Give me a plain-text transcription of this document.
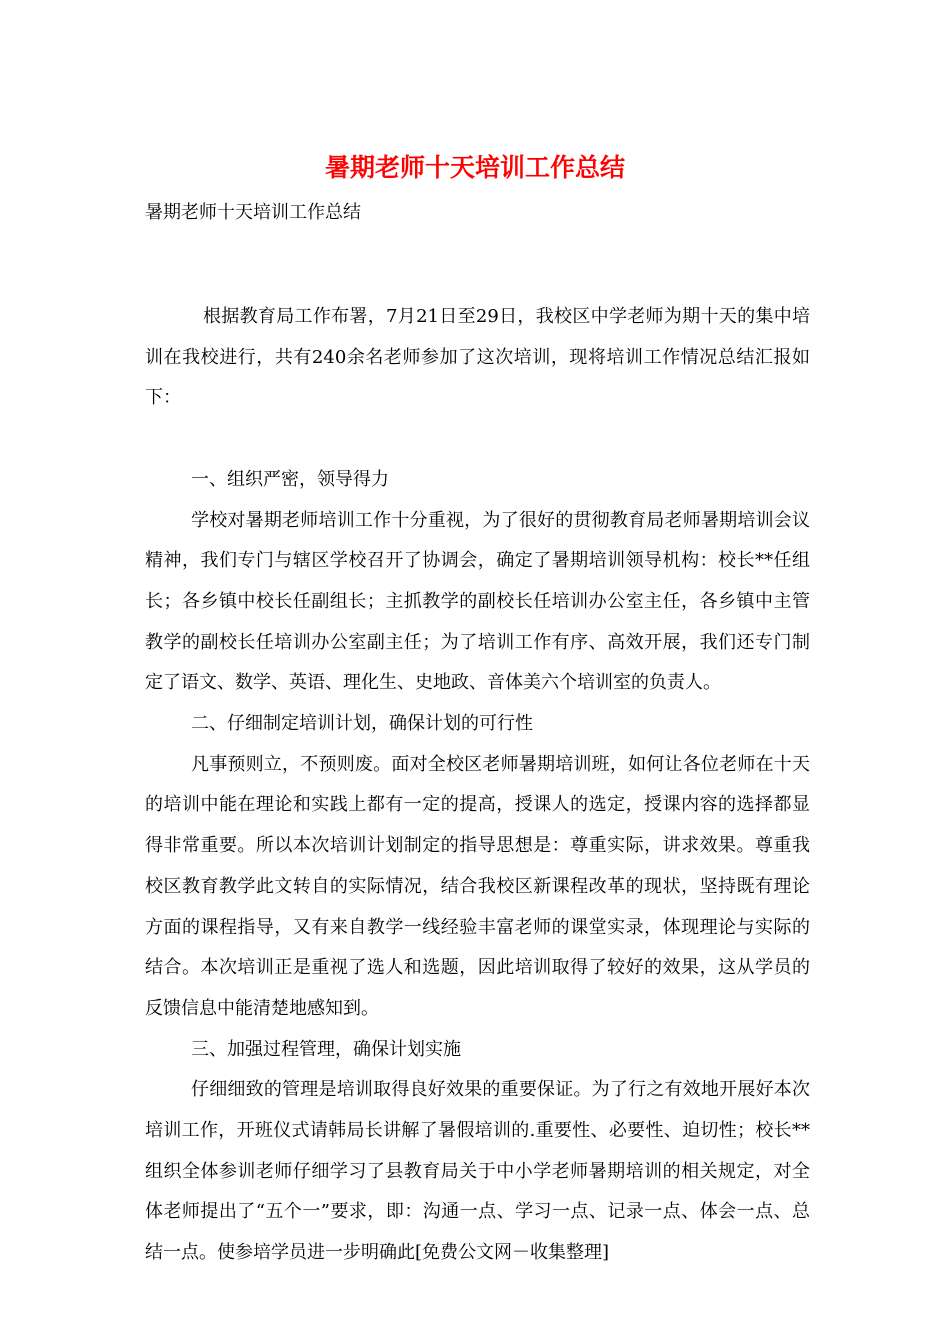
暑期老师十天培训工作总结

暑期老师十天培训工作总结

根据教育局工作布署，7月21日至29日，我校区中学老师为期十天的集中培训在我校进行，共有240余名老师参加了这次培训，现将培训工作情况总结汇报如下：

一、组织严密，领导得力

学校对暑期老师培训工作十分重视，为了很好的贯彻教育局老师暑期培训会议精神，我们专门与辖区学校召开了协调会，确定了暑期培训领导机构：校长**任组长；各乡镇中校长任副组长；主抓教学的副校长任培训办公室主任，各乡镇中主管教学的副校长任培训办公室副主任；为了培训工作有序、高效开展，我们还专门制定了语文、数学、英语、理化生、史地政、音体美六个培训室的负责人。

二、仔细制定培训计划，确保计划的可行性

凡事预则立，不预则废。面对全校区老师暑期培训班，如何让各位老师在十天的培训中能在理论和实践上都有一定的提高，授课人的选定，授课内容的选择都显得非常重要。所以本次培训计划制定的指导思想是：尊重实际，讲求效果。尊重我校区教育教学此文转自的实际情况，结合我校区新课程改革的现状，坚持既有理论方面的课程指导，又有来自教学一线经验丰富老师的课堂实录，体现理论与实际的结合。本次培训正是重视了选人和选题，因此培训取得了较好的效果，这从学员的反馈信息中能清楚地感知到。

三、加强过程管理，确保计划实施

仔细细致的管理是培训取得良好效果的重要保证。为了行之有效地开展好本次培训工作，开班仪式请韩局长讲解了暑假培训的.重要性、必要性、迫切性；校长**组织全体参训老师仔细学习了县教育局关于中小学老师暑期培训的相关规定，对全体老师提出了“五个一”要求，即：沟通一点、学习一点、记录一点、体会一点、总结一点。使参培学员进一步明确此[免费公文网－收集整理]
